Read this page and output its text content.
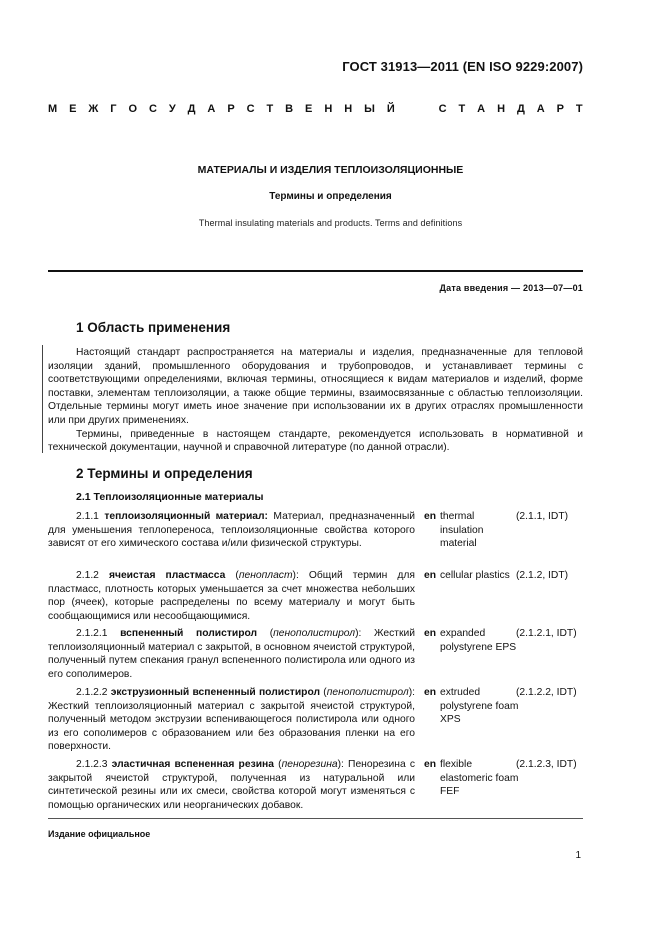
ГОСТ 31913—2011 (EN ISO 9229:2007)
М Е Ж Г О С У Д А Р С Т В Е Н Н Ы Й	С Т А Н Д А Р Т
МАТЕРИАЛЫ И ИЗДЕЛИЯ ТЕПЛОИЗОЛЯЦИОННЫЕ
Термины и определения
Thermal insulating materials and products. Terms and definitions
Дата введения — 2013—07—01
1 Область применения

Настоящий стандарт распространяется на материалы и изделия, предназначенные для тепловой изоляции зданий, промышленного оборудования и трубопроводов, и устанавливает термины с соответствующими определениями, включая термины, относящиеся к видам материалов и изделий, форме поставки, элементам теплоизоляции, а также общие термины, взаимосвязанные с областью теплоизоляции. Отдельные термины могут иметь иное значение при использовании их в других отраслях промышленности или при других применениях.

Термины, приведенные в настоящем стандарте, рекомендуется использовать в нормативной и технической документации, научной и справочной литературе (по данной отрасли).

2 Термины и определения
2.1 Теплоизоляционные материалы
2.1.1 теплоизоляционный материал: Материал, предназначенный для уменьшения теплопереноса, теплоизоляционные свойства которого зависят от его химического состава и/или физической структуры.
en thermal insulation material
(2.1.1, IDT)
2.1.2 ячеистая пластмасса (пенопласт): Общий термин для пластмасс, плотность которых уменьшается за счет множества небольших пор (ячеек), которые распределены по всему материалу и могут быть сообщающимися или несообщающимися.
en cellular plastics (2.1.2, IDT)
2.1.2.1 вспененный полистирол (пенополистирол): Жесткий теплоизоляционный материал с закрытой, в основном ячеистой структурой, полученный путем спекания гранул вспененного полистирола или одного из его сополимеров.
en expanded polystyrene EPS
(2.1.2.1, IDT)
2.1.2.2 экструзионный вспененный полистирол (пенополистирол): Жесткий теплоизоляционный материал с закрытой ячеистой структурой, полученный методом экструзии вспенивающегося полистирола или одного из его сополимеров с образованием или без образования пленки на его поверхности.
en extruded polystyrene foam XPS
(2.1.2.2, IDT)
2.1.2.3 эластичная вспененная резина (пенорезина): Пенорезина с закрытой ячеистой структурой, полученная из натуральной или синтетической резины или их смеси, свойства которой могут изменяться с помощью органических или неорганических добавок.
en flexible elastomeric foam FEF
(2.1.2.3, IDT)
Издание официальное
1
